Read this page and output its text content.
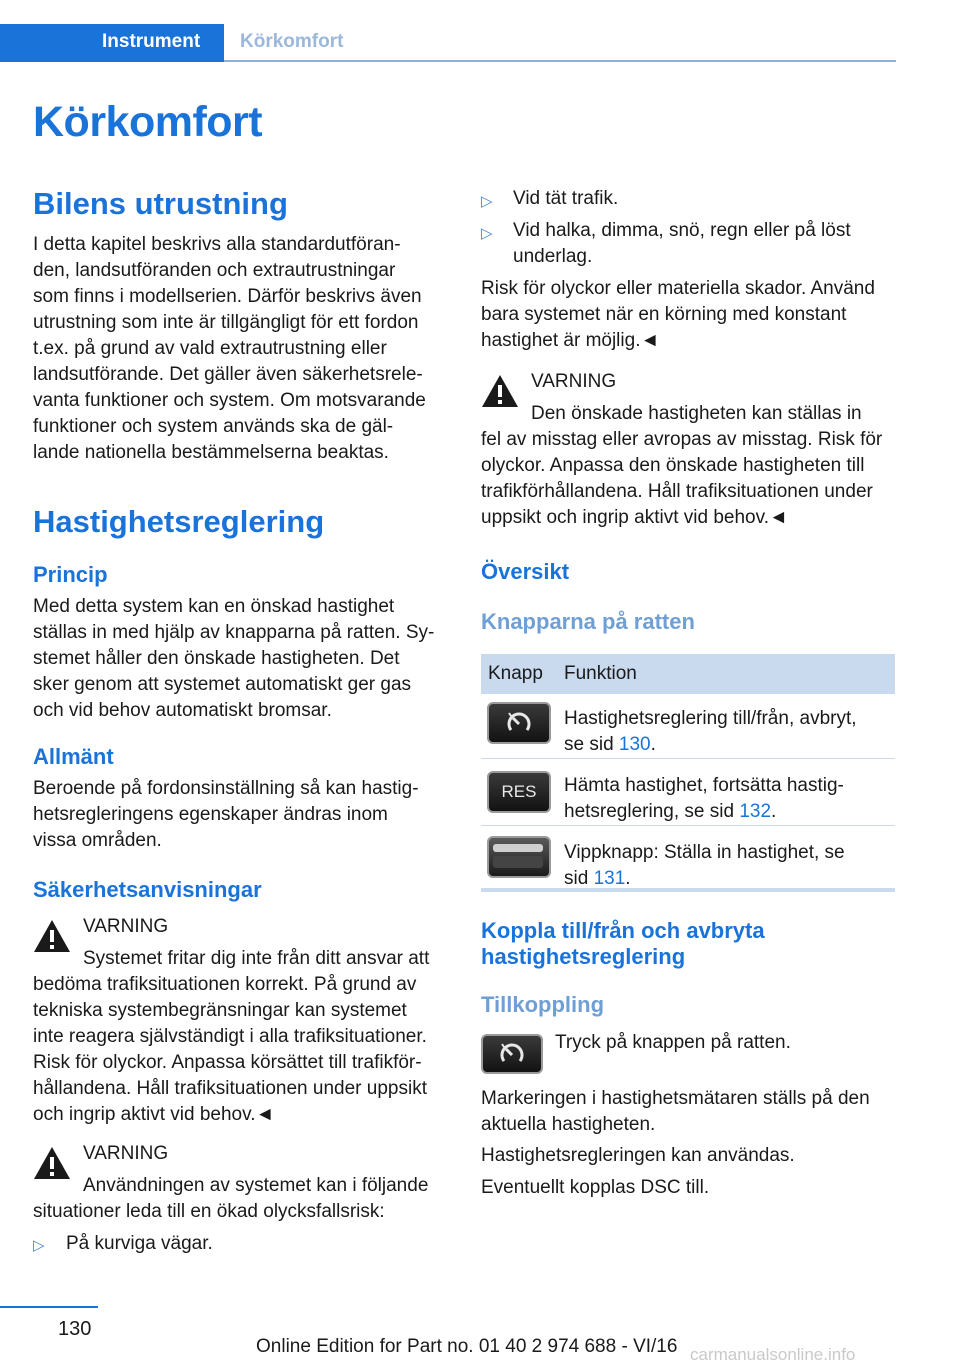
Instrument Körkomfort
Körkomfort
Bilens utrustning
I detta kapitel beskrivs alla standardutföran-
den, landsutföranden och extrautrustningar
som finns i modellserien. Därför beskrivs även
utrustning som inte är tillgängligt för ett fordon
t.ex. på grund av vald extrautrustning eller
landsutförande. Det gäller även säkerhetsrele-
vanta funktioner och system. Om motsvarande
funktioner och system används ska de gäl-
lande nationella bestämmelserna beaktas.
Hastighetsreglering
Princip
Med detta system kan en önskad hastighet
ställas in med hjälp av knapparna på ratten. Sy-
stemet håller den önskade hastigheten. Det
sker genom att systemet automatiskt ger gas
och vid behov automatiskt bromsar.
Allmänt
Beroende på fordonsinställning så kan hastig-
hetsregleringens egenskaper ändras inom
vissa områden.
Säkerhetsanvisningar
VARNING
Systemet fritar dig inte från ditt ansvar att
bedöma trafiksituationen korrekt. På grund av
tekniska systembegränsningar kan systemet
inte reagera självständigt i alla trafiksituationer.
Risk för olyckor. Anpassa körsättet till trafikför-
hållandena. Håll trafiksituationen under uppsikt
och ingrip aktivt vid behov.◄
VARNING
Användningen av systemet kan i följande
situationer leda till en ökad olycksfallsrisk:
▷ På kurviga vägar.
▷ Vid tät trafik.
▷ Vid halka, dimma, snö, regn eller på löst
underlag.
Risk för olyckor eller materiella skador. Använd
bara systemet när en körning med konstant
hastighet är möjlig.◄
VARNING
Den önskade hastigheten kan ställas in
fel av misstag eller avropas av misstag. Risk för
olyckor. Anpassa den önskade hastigheten till
trafikförhållandena. Håll trafiksituationen under
uppsikt och ingrip aktivt vid behov.◄
Översikt
Knapparna på ratten
Knapp Funktion
Hastighetsreglering till/från, avbryt,
se sid 130.
RES	Hämta hastighet, fortsätta hastig-
hetsreglering, se sid 132.
Vippknapp: Ställa in hastighet, se
sid 131.
Koppla till/från och avbryta
hastighetsreglering
Tillkoppling
Tryck på knappen på ratten.
Markeringen i hastighetsmätaren ställs på den
aktuella hastigheten.
Hastighetsregleringen kan användas.
Eventuellt kopplas DSC till.
130
Online Edition for Part no. 01 40 2 974 688 - VI/16 carmanualsonline.info
